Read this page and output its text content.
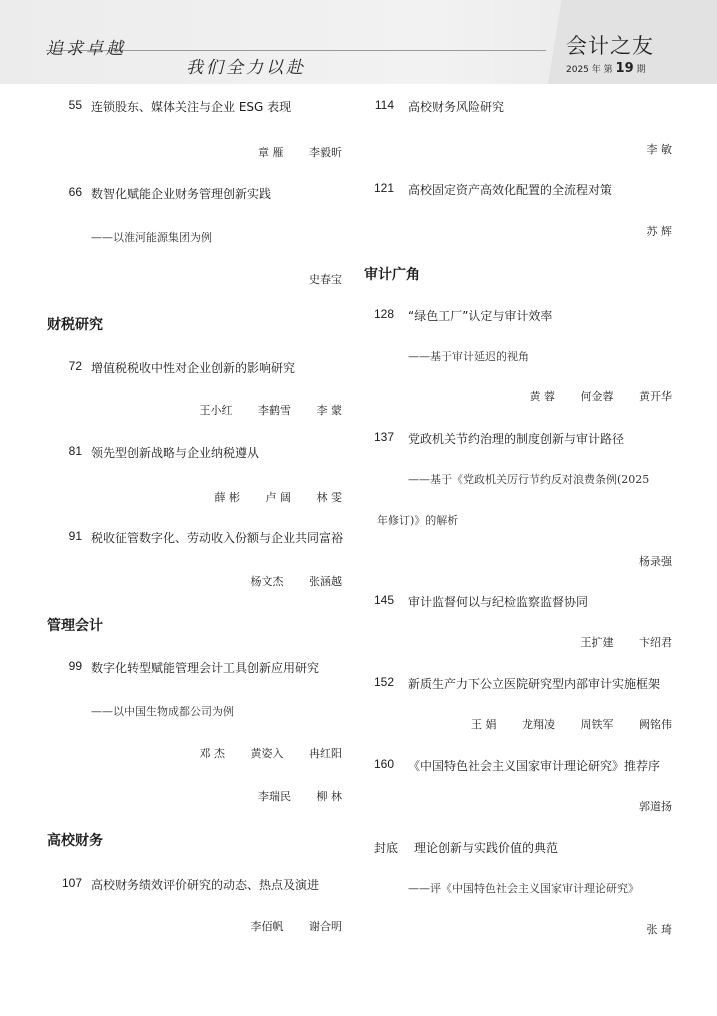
追求卓越
我们全力以赴
会计之友
2025 年 第 19 期
55 连锁股东、媒体关注与企业 ESG 表现
章 雁 李毅昕
66 数智化赋能企业财务管理创新实践
——以淮河能源集团为例
史春宝
财税研究
72 增值税税收中性对企业创新的影响研究
王小红 李鹤雪 李 蒙
81 领先型创新战略与企业纳税遵从
薛 彬 卢 阔 林 雯
91 税收征管数字化、劳动收入份额与企业共同富裕
杨文杰 张涵越
管理会计
99 数字化转型赋能管理会计工具创新应用研究
——以中国生物成都公司为例
邓 杰 黄姿入 冉红阳
李瑞民 柳 林
高校财务
107 高校财务绩效评价研究的动态、热点及演进
李佰帆 谢合明
114 高校财务风险研究
李 敏
121 高校固定资产高效化配置的全流程对策
苏 辉
审计广角
128 “绿色工厂”认定与审计效率
——基于审计延迟的视角
黄 蓉 何金蓉 黄开华
137 党政机关节约治理的制度创新与审计路径
——基于《党政机关厉行节约反对浪费条例(2025
年修订)》的解析
杨录强
145 审计监督何以与纪检监察监督协同
王扩建 卞绍君
152 新质生产力下公立医院研究型内部审计实施框架
王 娟 龙翔凌 周铁军 阙铭伟
160 《中国特色社会主义国家审计理论研究》推荐序
郭道扬
封底	理论创新与实践价值的典范
——评《中国特色社会主义国家审计理论研究》
张 琦
